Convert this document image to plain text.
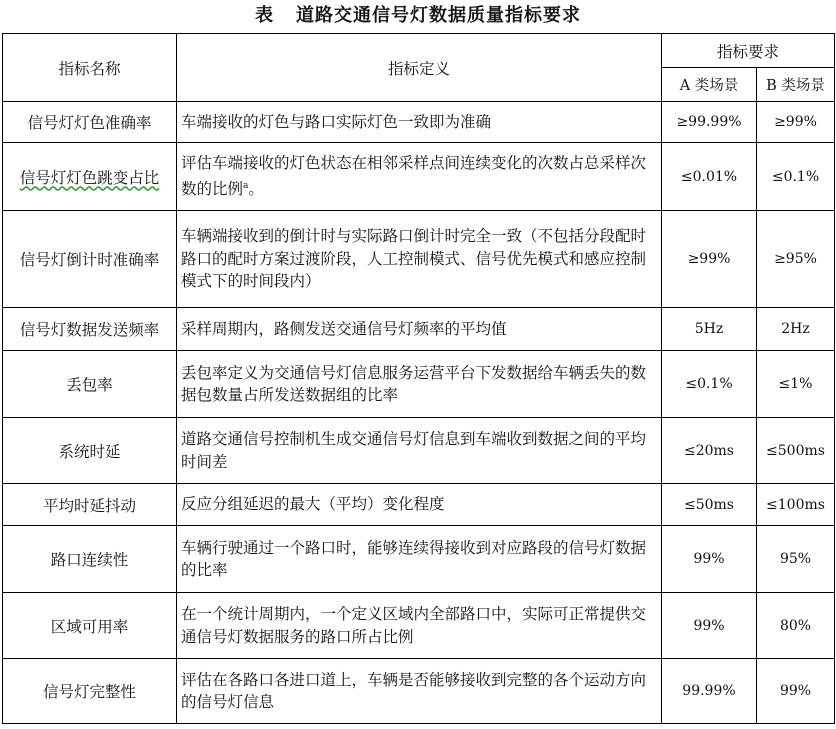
表 道路交通信号灯数据质量指标要求
指标名称	指标定义	指标要求	
		A 类场景	B 类场景
信号灯灯色准确率	车端接收的灯色与路口实际灯色一致即为准确	≥99.99%	≥99%
信号灯灯色跳变占比	评估车端接收的灯色状态在相邻采样点间连续变化的次数占总采样次数的比例$^a$。	≤0.01%	≤0.1%
信号灯倒计时准确率	车辆端接收到的倒计时与实际路口倒计时完全一致（不包括分段配时路口的配时方案过渡阶段，人工控制模式、信号优先模式和感应控制模式下的时间段内）	≥99%	≥95%
信号灯数据发送频率	采样周期内，路侧发送交通信号灯频率的平均值	5Hz	2Hz
丢包率	丢包率定义为交通信号灯信息服务运营平台下发数据给车辆丢失的数据包数量占所发送数据组的比率	≤0.1%	≤1%
系统时延	道路交通信号控制机生成交通信号灯信息到车端收到数据之间的平均时间差	≤20ms	≤500ms
平均时延抖动	反应分组延迟的最大（平均）变化程度	≤50ms	≤100ms
路口连续性	车辆行驶通过一个路口时，能够连续得接收到对应路段的信号灯数据的比率	99%	95%
区域可用率	在一个统计周期内，一个定义区域内全部路口中，实际可正常提供交通信号灯数据服务的路口所占比例	99%	80%
信号灯完整性	评估在各路口各进口道上，车辆是否能够接收到完整的各个运动方向的信号灯信息	99.99%	99%
